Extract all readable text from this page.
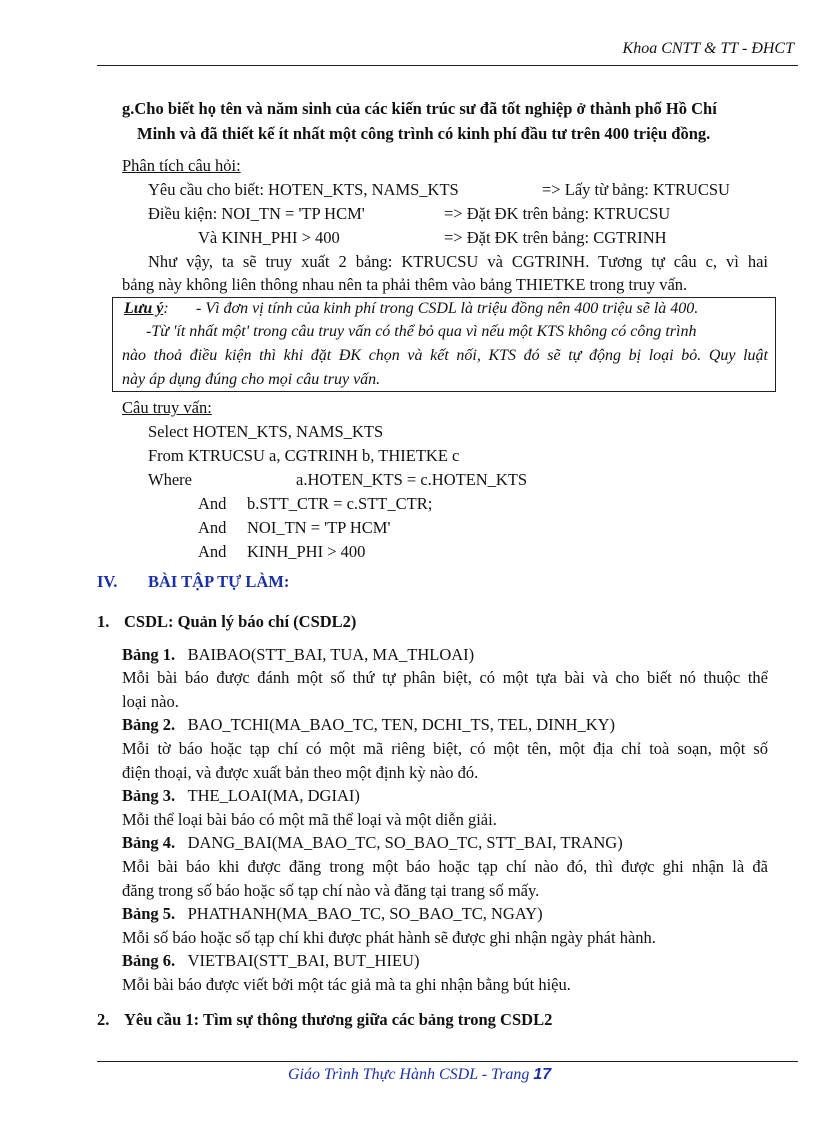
Khoa CNTT & TT - ĐHCT
g.Cho biết họ tên và năm sinh của các kiến trúc sư đã tốt nghiệp ở thành phố Hồ Chí
Minh và đã thiết kế ít nhất một công trình có kinh phí đầu tư trên 400 triệu đồng.
Phân tích câu hỏi:
Yêu cầu cho biết: HOTEN_KTS, NAMS_KTS	=> Lấy từ bảng: KTRUCSU
Điều kiện: NOI_TN = 'TP HCM'	=> Đặt ĐK trên bảng: KTRUCSU
Và KINH_PHI > 400	=> Đặt ĐK trên bảng: CGTRINH
Như vậy, ta sẽ truy xuất 2 bảng: KTRUCSU và CGTRINH. Tương tự câu c, vì hai
bảng này không liên thông nhau nên ta phải thêm vào bảng THIETKE trong truy vấn.
Lưu ý: - Vì đơn vị tính của kinh phí trong CSDL là triệu đồng nên 400 triệu sẽ là 400.
-Từ 'ít nhất một' trong câu truy vấn có thể bỏ qua vì nếu một KTS không có công trình
nào thoả điều kiện thì khi đặt ĐK chọn và kết nối, KTS đó sẽ tự động bị loại bỏ. Quy luật
này áp dụng đúng cho mọi câu truy vấn.
Câu truy vấn:
Select HOTEN_KTS, NAMS_KTS
From KTRUCSU a, CGTRINH b, THIETKE c
Where	a.HOTEN_KTS = c.HOTEN_KTS
And b.STT_CTR = c.STT_CTR;
And NOI_TN = 'TP HCM'
And KINH_PHI > 400
IV. BÀI TẬP TỰ LÀM:
1. CSDL: Quản lý báo chí (CSDL2)
Bảng 1. BAIBAO(STT_BAI, TUA, MA_THLOAI)
Mỗi bài báo được đánh một số thứ tự phân biệt, có một tựa bài và cho biết nó thuộc thể
loại nào.
Bảng 2. BAO_TCHI(MA_BAO_TC, TEN, DCHI_TS, TEL, DINH_KY)
Mỗi tờ báo hoặc tạp chí có một mã riêng biệt, có một tên, một địa chỉ toà soạn, một số
điện thoại, và được xuất bản theo một định kỳ nào đó.
Bảng 3. THE_LOAI(MA, DGIAI)
Mỗi thể loại bài báo có một mã thể loại và một diễn giải.
Bảng 4. DANG_BAI(MA_BAO_TC, SO_BAO_TC, STT_BAI, TRANG)
Mỗi bài báo khi được đăng trong một báo hoặc tạp chí nào đó, thì được ghi nhận là đã
đăng trong số báo hoặc số tạp chí nào và đăng tại trang số mấy.
Bảng 5. PHATHANH(MA_BAO_TC, SO_BAO_TC, NGAY)
Mỗi số báo hoặc số tạp chí khi được phát hành sẽ được ghi nhận ngày phát hành.
Bảng 6. VIETBAI(STT_BAI, BUT_HIEU)
Mỗi bài báo được viết bởi một tác giả mà ta ghi nhận bằng bút hiệu.
2. Yêu cầu 1: Tìm sự thông thương giữa các bảng trong CSDL2
Giáo Trình Thực Hành CSDL - Trang 17
